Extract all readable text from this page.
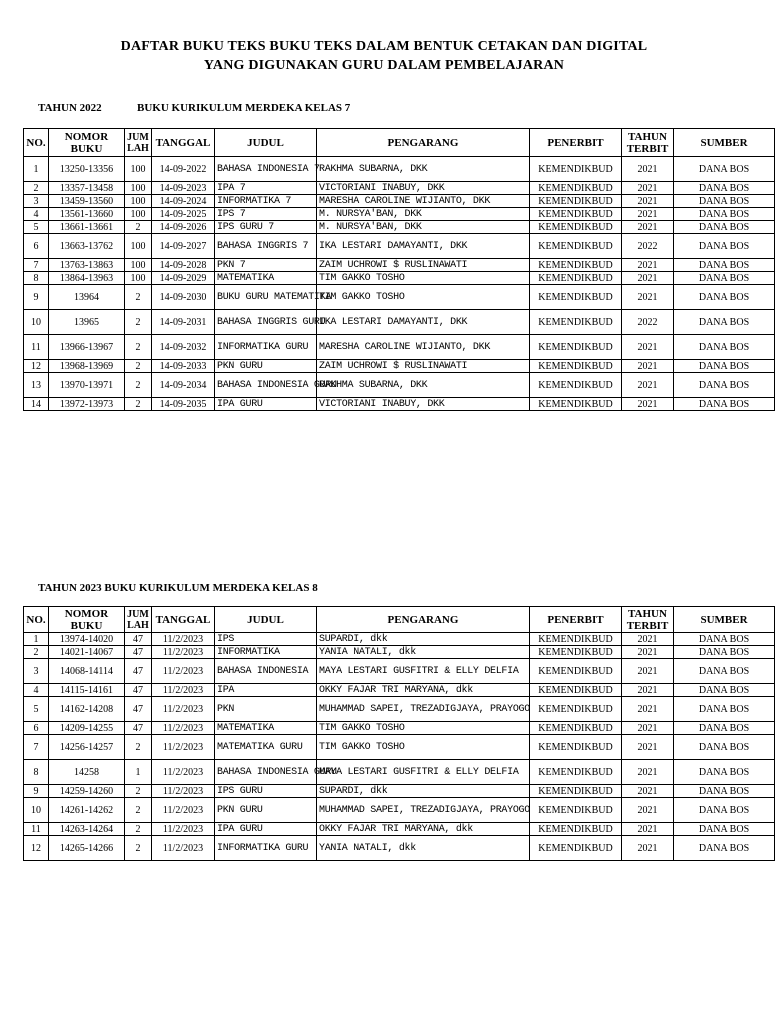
DAFTAR BUKU TEKS BUKU TEKS DALAM BENTUK CETAKAN DAN DIGITAL
YANG DIGUNAKAN GURU DALAM PEMBELAJARAN
TAHUN 2022	BUKU KURIKULUM MERDEKA KELAS 7
NO.	NOMOR BUKU	JUM LAH	TANGGAL	JUDUL	PENGARANG	PENERBIT	TAHUN TERBIT	SUMBER
1	13250-13356	100	14-09-2022	BAHASA INDONESIA 7	RAKHMA SUBARNA, DKK	KEMENDIKBUD	2021	DANA BOS
2	13357-13458	100	14-09-2023	IPA 7	VICTORIANI INABUY, DKK	KEMENDIKBUD	2021	DANA BOS
3	13459-13560	100	14-09-2024	INFORMATIKA 7	MARESHA CAROLINE WIJIANTO, DKK	KEMENDIKBUD	2021	DANA BOS
4	13561-13660	100	14-09-2025	IPS 7	M. NURSYA'BAN, DKK	KEMENDIKBUD	2021	DANA BOS
5	13661-13661	2	14-09-2026	IPS GURU 7	M. NURSYA'BAN, DKK	KEMENDIKBUD	2021	DANA BOS
6	13663-13762	100	14-09-2027	BAHASA INGGRIS 7	IKA LESTARI DAMAYANTI, DKK	KEMENDIKBUD	2022	DANA BOS
7	13763-13863	100	14-09-2028	PKN 7	ZAIM UCHROWI $ RUSLINAWATI	KEMENDIKBUD	2021	DANA BOS
8	13864-13963	100	14-09-2029	MATEMATIKA	TIM GAKKO TOSHO	KEMENDIKBUD	2021	DANA BOS
9	13964	2	14-09-2030	BUKU GURU MATEMATIKA	TIM GAKKO TOSHO	KEMENDIKBUD	2021	DANA BOS
10	13965	2	14-09-2031	BAHASA INGGRIS GURU	IKA LESTARI DAMAYANTI, DKK	KEMENDIKBUD	2022	DANA BOS
11	13966-13967	2	14-09-2032	INFORMATIKA GURU	MARESHA CAROLINE WIJIANTO, DKK	KEMENDIKBUD	2021	DANA BOS
12	13968-13969	2	14-09-2033	PKN GURU	ZAIM UCHROWI $ RUSLINAWATI	KEMENDIKBUD	2021	DANA BOS
13	13970-13971	2	14-09-2034	BAHASA INDONESIA GURU	RAKHMA SUBARNA, DKK	KEMENDIKBUD	2021	DANA BOS
14	13972-13973	2	14-09-2035	IPA GURU	VICTORIANI INABUY, DKK	KEMENDIKBUD	2021	DANA BOS
TAHUN 2023 BUKU KURIKULUM MERDEKA KELAS 8
NO.	NOMOR BUKU	JUM LAH	TANGGAL	JUDUL	PENGARANG	PENERBIT	TAHUN TERBIT	SUMBER
1	13974-14020	47	11/2/2023	IPS	SUPARDI, dkk	KEMENDIKBUD	2021	DANA BOS
2	14021-14067	47	11/2/2023	INFORMATIKA	YANIA NATALI, dkk	KEMENDIKBUD	2021	DANA BOS
3	14068-14114	47	11/2/2023	BAHASA INDONESIA	MAYA LESTARI GUSFITRI & ELLY DELFIA	KEMENDIKBUD	2021	DANA BOS
4	14115-14161	47	11/2/2023	IPA	OKKY FAJAR TRI MARYANA, dkk	KEMENDIKBUD	2021	DANA BOS
5	14162-14208	47	11/2/2023	PKN	MUHAMMAD SAPEI, TREZADIGJAYA, PRAYOGO	KEMENDIKBUD	2021	DANA BOS
6	14209-14255	47	11/2/2023	MATEMATIKA	TIM GAKKO TOSHO	KEMENDIKBUD	2021	DANA BOS
7	14256-14257	2	11/2/2023	MATEMATIKA GURU	TIM GAKKO TOSHO	KEMENDIKBUD	2021	DANA BOS
8	14258	1	11/2/2023	BAHASA INDONESIA GURU	MAYA LESTARI GUSFITRI & ELLY DELFIA	KEMENDIKBUD	2021	DANA BOS
9	14259-14260	2	11/2/2023	IPS GURU	SUPARDI, dkk	KEMENDIKBUD	2021	DANA BOS
10	14261-14262	2	11/2/2023	PKN GURU	MUHAMMAD SAPEI, TREZADIGJAYA, PRAYOGO	KEMENDIKBUD	2021	DANA BOS
11	14263-14264	2	11/2/2023	IPA GURU	OKKY FAJAR TRI MARYANA, dkk	KEMENDIKBUD	2021	DANA BOS
12	14265-14266	2	11/2/2023	INFORMATIKA GURU	YANIA NATALI, dkk	KEMENDIKBUD	2021	DANA BOS
